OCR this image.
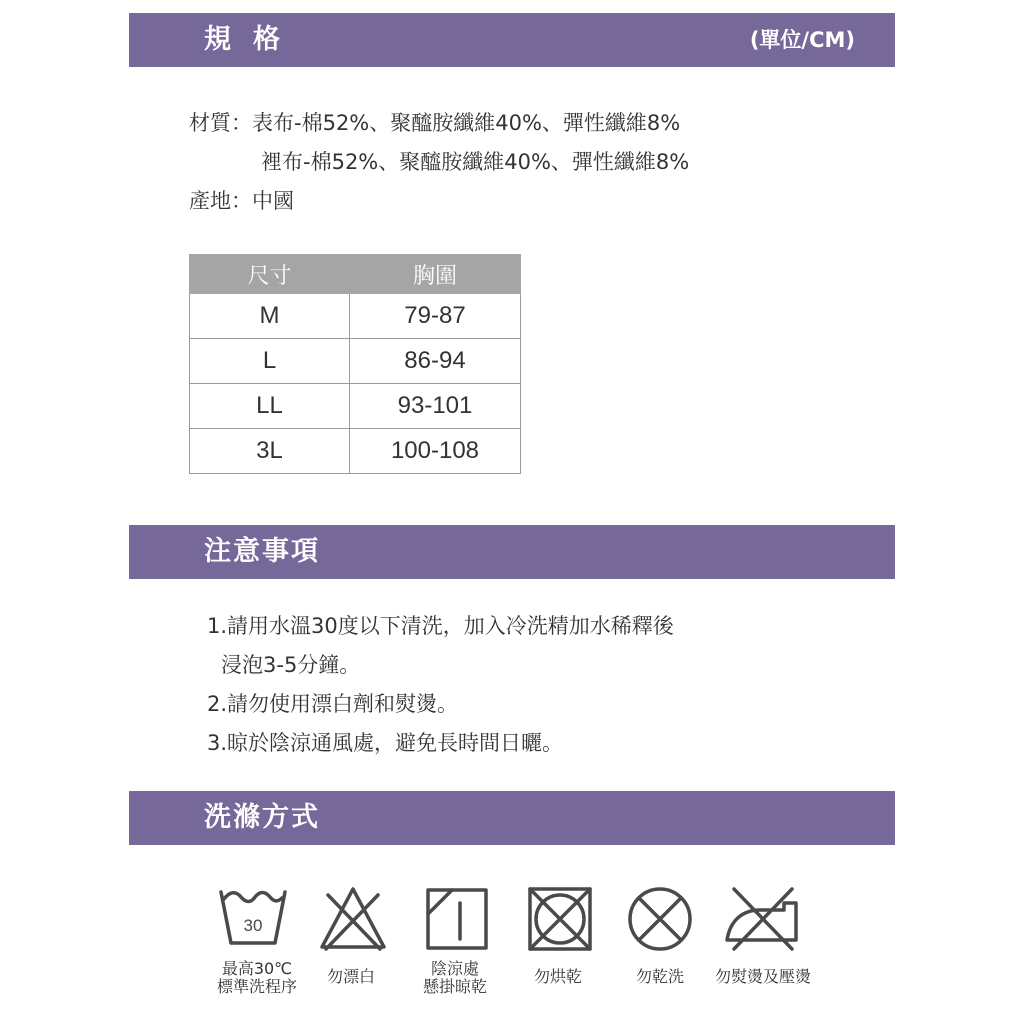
規格	(單位/CM)
材質：表布-棉52%、聚醯胺纖維40%、彈性纖維8%
裡布-棉52%、聚醯胺纖維40%、彈性纖維8%
產地：中國
尺寸	胸圍
M	79-87
L	86-94
LL	93-101
3L	100-108
注意事項
1.請用水溫30度以下清洗，加入冷洗精加水稀釋後
浸泡3-5分鐘。
2.請勿使用漂白劑和熨燙。
3.晾於陰涼通風處，避免長時間日曬。
洗滌方式
30
最高30℃
標準洗程序
勿漂白	陰涼處
懸掛晾乾
勿烘乾	勿乾洗 勿熨燙及壓燙
